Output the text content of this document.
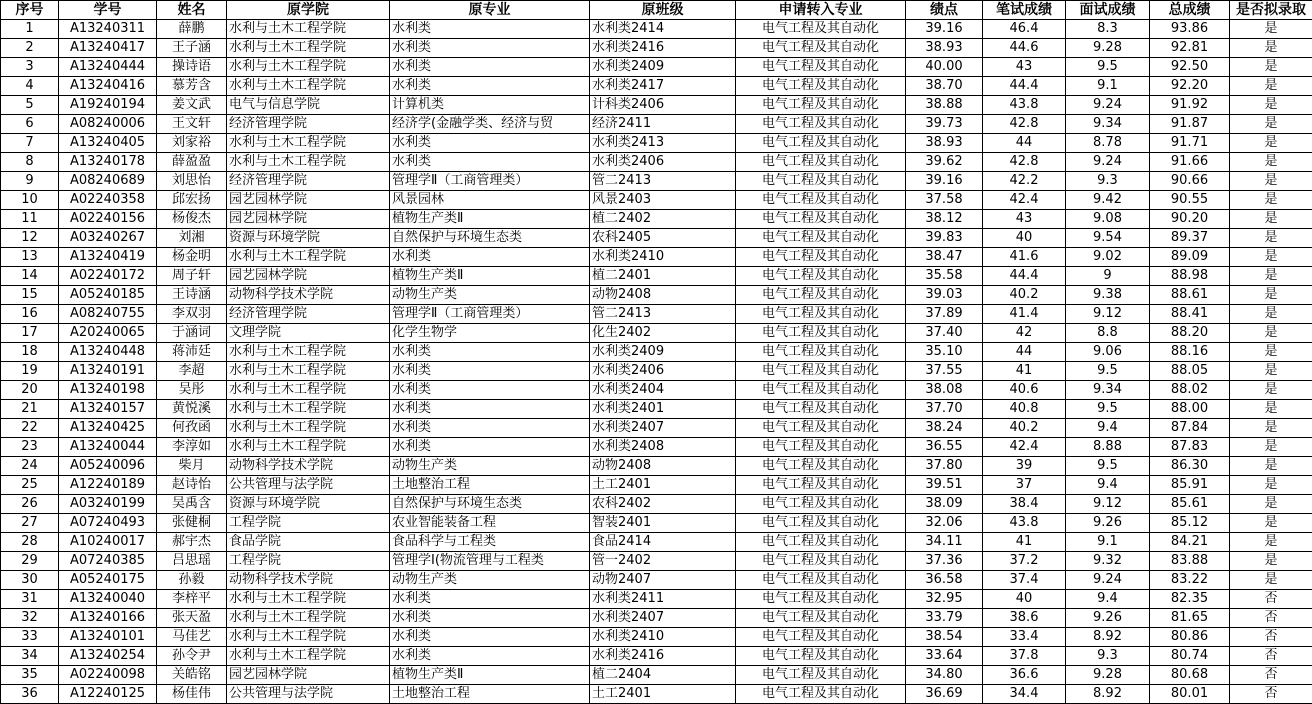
序号	学号	姓名	原学院	原专业	原班级	申请转入专业	绩点	笔试成绩	面试成绩	总成绩	是否拟录取
1	A13240311	薛鹏	水利与土木工程学院	水利类	水利类2414	电气工程及其自动化	39.16	46.4	8.3	93.86	是
2	A13240417	王子涵	水利与土木工程学院	水利类	水利类2416	电气工程及其自动化	38.93	44.6	9.28	92.81	是
3	A13240444	操诗语	水利与土木工程学院	水利类	水利类2409	电气工程及其自动化	40.00	43	9.5	92.50	是
4	A13240416	慕芳含	水利与土木工程学院	水利类	水利类2417	电气工程及其自动化	38.70	44.4	9.1	92.20	是
5	A19240194	姜文武	电气与信息学院	计算机类	计科类2406	电气工程及其自动化	38.88	43.8	9.24	91.92	是
6	A08240006	王文轩	经济管理学院	经济学(金融学类、经济与贸	经济2411	电气工程及其自动化	39.73	42.8	9.34	91.87	是
7	A13240405	刘家裕	水利与土木工程学院	水利类	水利类2413	电气工程及其自动化	38.93	44	8.78	91.71	是
8	A13240178	薛盈盈	水利与土木工程学院	水利类	水利类2406	电气工程及其自动化	39.62	42.8	9.24	91.66	是
9	A08240689	刘思怡	经济管理学院	管理学Ⅱ（工商管理类）	管二2413	电气工程及其自动化	39.16	42.2	9.3	90.66	是
10	A02240358	邱宏扬	园艺园林学院	风景园林	风景2403	电气工程及其自动化	37.58	42.4	9.42	90.55	是
11	A02240156	杨俊杰	园艺园林学院	植物生产类Ⅱ	植二2402	电气工程及其自动化	38.12	43	9.08	90.20	是
12	A03240267	刘湘	资源与环境学院	自然保护与环境生态类	农科2405	电气工程及其自动化	39.83	40	9.54	89.37	是
13	A13240419	杨金明	水利与土木工程学院	水利类	水利类2410	电气工程及其自动化	38.47	41.6	9.02	89.09	是
14	A02240172	周子轩	园艺园林学院	植物生产类Ⅱ	植二2401	电气工程及其自动化	35.58	44.4	9	88.98	是
15	A05240185	王诗涵	动物科学技术学院	动物生产类	动物2408	电气工程及其自动化	39.03	40.2	9.38	88.61	是
16	A08240755	李双羽	经济管理学院	管理学Ⅱ（工商管理类）	管二2413	电气工程及其自动化	37.89	41.4	9.12	88.41	是
17	A20240065	于涵词	文理学院	化学生物学	化生2402	电气工程及其自动化	37.40	42	8.8	88.20	是
18	A13240448	蒋沛廷	水利与土木工程学院	水利类	水利类2409	电气工程及其自动化	35.10	44	9.06	88.16	是
19	A13240191	李超	水利与土木工程学院	水利类	水利类2406	电气工程及其自动化	37.55	41	9.5	88.05	是
20	A13240198	吴彤	水利与土木工程学院	水利类	水利类2404	电气工程及其自动化	38.08	40.6	9.34	88.02	是
21	A13240157	黄悦溪	水利与土木工程学院	水利类	水利类2401	电气工程及其自动化	37.70	40.8	9.5	88.00	是
22	A13240425	何孜函	水利与土木工程学院	水利类	水利类2407	电气工程及其自动化	38.24	40.2	9.4	87.84	是
23	A13240044	李淳如	水利与土木工程学院	水利类	水利类2408	电气工程及其自动化	36.55	42.4	8.88	87.83	是
24	A05240096	柴月	动物科学技术学院	动物生产类	动物2408	电气工程及其自动化	37.80	39	9.5	86.30	是
25	A12240189	赵诗怡	公共管理与法学院	土地整治工程	土工2401	电气工程及其自动化	39.51	37	9.4	85.91	是
26	A03240199	吴禹含	资源与环境学院	自然保护与环境生态类	农科2402	电气工程及其自动化	38.09	38.4	9.12	85.61	是
27	A07240493	张健桐	工程学院	农业智能装备工程	智装2401	电气工程及其自动化	32.06	43.8	9.26	85.12	是
28	A10240017	郝宇杰	食品学院	食品科学与工程类	食品2414	电气工程及其自动化	34.11	41	9.1	84.21	是
29	A07240385	吕思瑶	工程学院	管理学Ⅰ(物流管理与工程类	管一2402	电气工程及其自动化	37.36	37.2	9.32	83.88	是
30	A05240175	孙毅	动物科学技术学院	动物生产类	动物2407	电气工程及其自动化	36.58	37.4	9.24	83.22	是
31	A13240040	李梓平	水利与土木工程学院	水利类	水利类2411	电气工程及其自动化	32.95	40	9.4	82.35	否
32	A13240166	张天盈	水利与土木工程学院	水利类	水利类2407	电气工程及其自动化	33.79	38.6	9.26	81.65	否
33	A13240101	马佳艺	水利与土木工程学院	水利类	水利类2410	电气工程及其自动化	38.54	33.4	8.92	80.86	否
34	A13240254	孙令尹	水利与土木工程学院	水利类	水利类2416	电气工程及其自动化	33.64	37.8	9.3	80.74	否
35	A02240098	关皓铭	园艺园林学院	植物生产类Ⅱ	植二2404	电气工程及其自动化	34.80	36.6	9.28	80.68	否
36	A12240125	杨佳伟	公共管理与法学院	土地整治工程	土工2401	电气工程及其自动化	36.69	34.4	8.92	80.01	否
